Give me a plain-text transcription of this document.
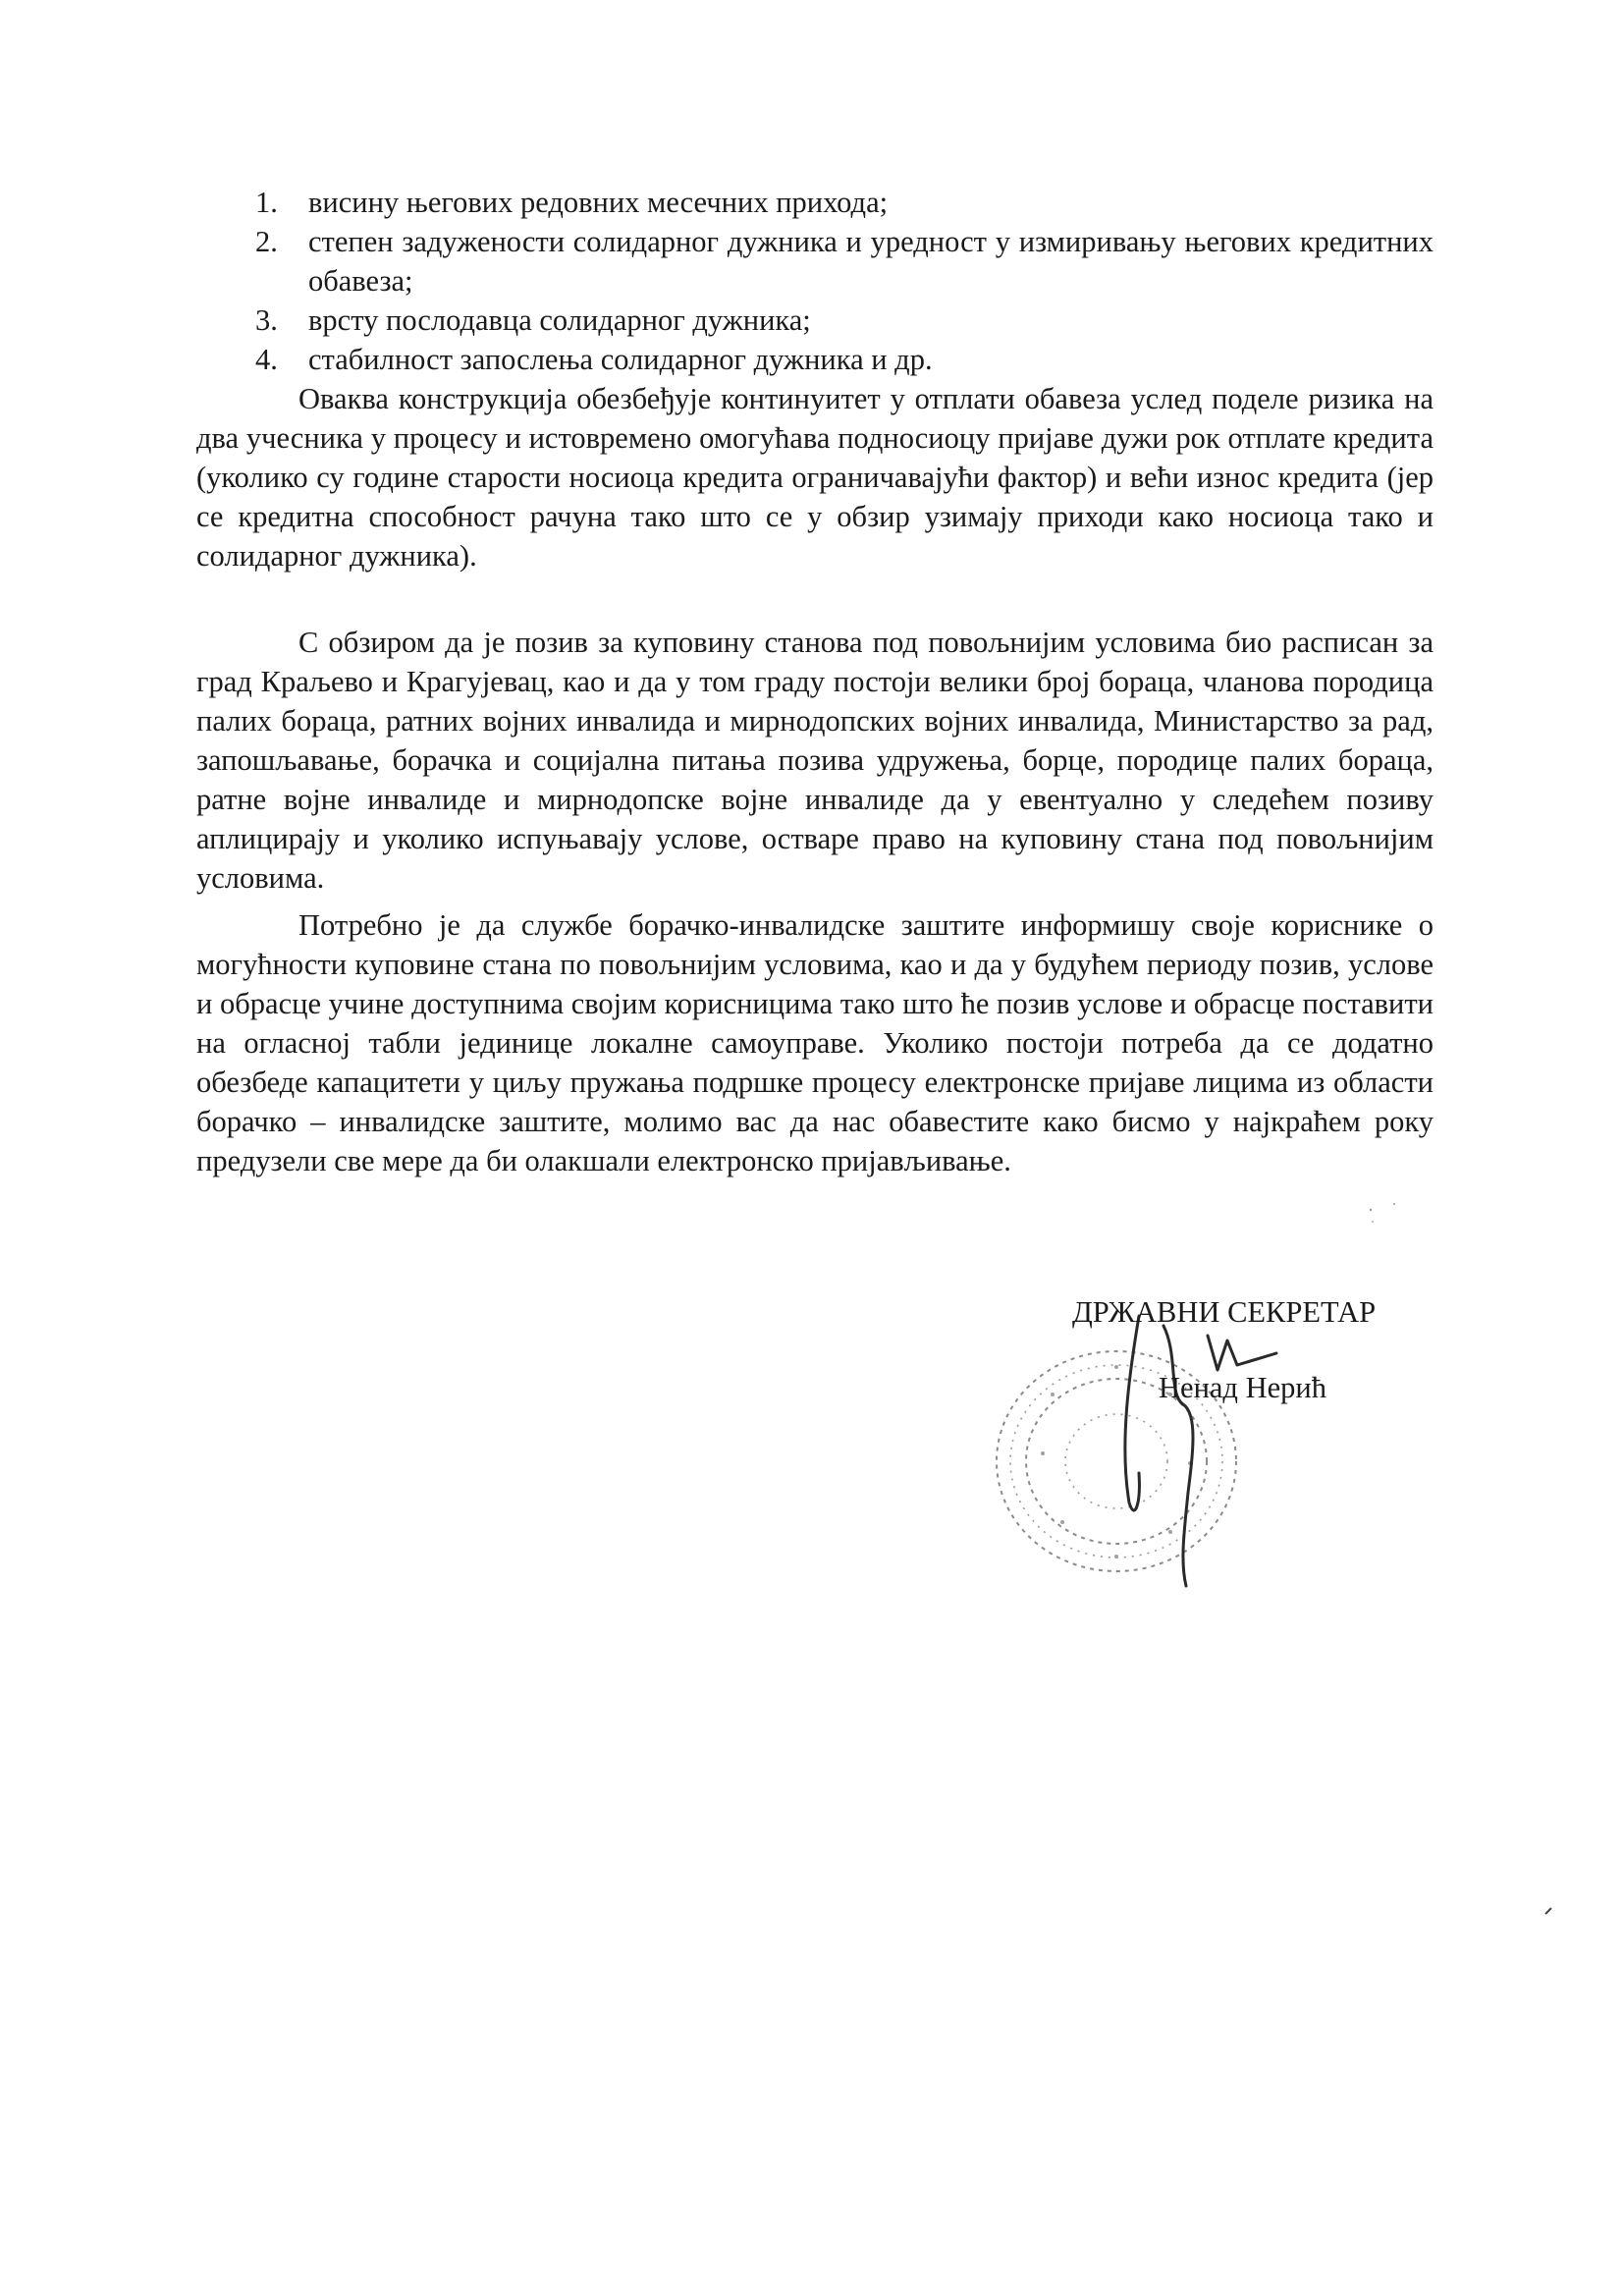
1. висину његових редовних месечних прихода;
2. степен задужености солидарног дужника и уредност у измиривању његових кредитних обавеза;
3. врсту послодавца солидарног дужника;
4. стабилност запослења солидарног дужника и др.

Оваква конструкција обезбеђује континуитет у отплати обавеза услед поделе ризика на два учесника у процесу и истовремено омогућава подносиоцу пријаве дужи рок отплате кредита (уколико су године старости носиоца кредита ограничавајући фактор) и већи износ кредита (јер се кредитна способност рачуна тако што се у обзир узимају приходи како носиоца тако и солидарног дужника).

С обзиром да је позив за куповину станова под повољнијим условима био расписан за град Краљево и Крагујевац, као и да у том граду постоји велики број бораца, чланова породица палих бораца, ратних војних инвалида и мирнодопских војних инвалида, Министарство за рад, запошљавање, борачка и социјална питања позива удружења, борце, породице палих бораца, ратне војне инвалиде и мирнодопске војне инвалиде да у евентуално у следећем позиву аплицирају и уколико испуњавају услове, остваре право на куповину стана под повољнијим условима.

Потребно је да службе борачко-инвалидске заштите информишу своје кориснике о могућности куповине стана по повољнијим условима, као и да у будућем периоду позив, услове и обрасце учине доступнима својим корисницима тако што ће позив услове и обрасце поставити на огласној табли јединице локалне самоуправе. Уколико постоји потреба да се додатно обезбеде капацитети у циљу пружања подршке процесу електронске пријаве лицима из области борачко – инвалидске заштите, молимо вас да нас обавестите како бисмо у најкраћем року предузели све мере да би олакшали електронско пријављивање.

ДРЖАВНИ СЕКРЕТАР
Ненад Нерић
